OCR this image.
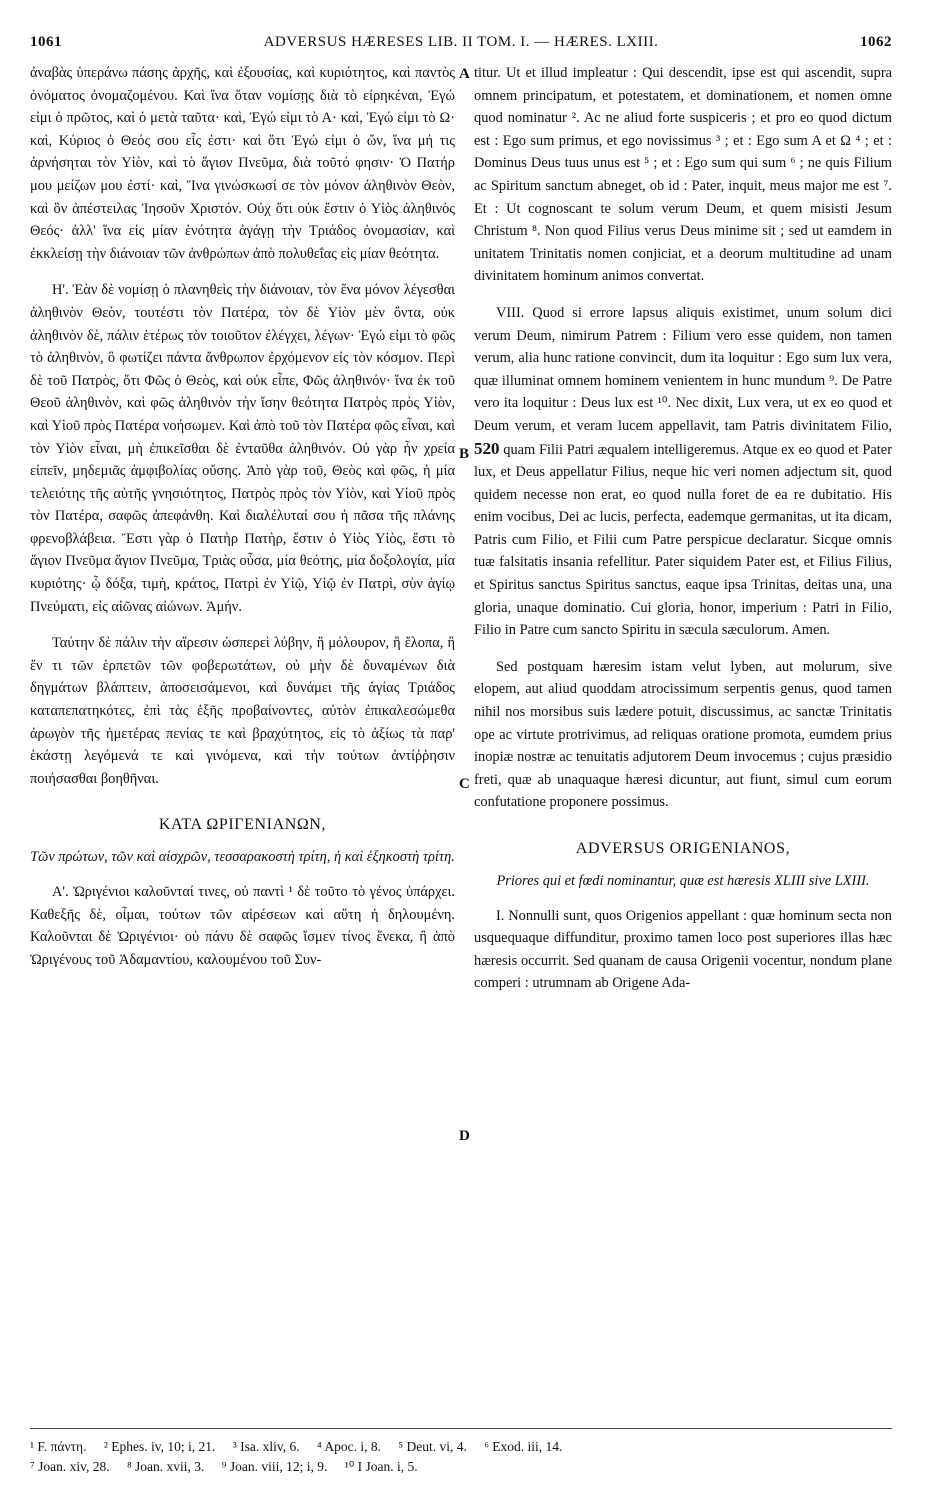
1061	ADVERSUS HÆRESES LIB. II TOM. I. — HÆRES. LXIII.	1062

ἀναβὰς ὑπεράνω πάσης ἀρχῆς, καὶ ἐξουσίας, καὶ κυριότητος, καὶ παντὸς ὀνόματος ὀνομαζομένου. Καὶ ἵνα ὅταν νομίσῃς διὰ τὸ εἰρηκέναι, Ἐγώ εἰμι ὁ πρῶτος, καὶ ὁ μετὰ ταῦτα· καὶ, Ἐγώ εἰμι τὸ Α· καὶ, Ἐγώ εἰμι τὸ Ω· καὶ, Κύριος ὁ Θεός σου εἷς ἐστι· καὶ ὅτι Ἐγώ εἰμι ὁ ὤν, ἵνα μή τις ἀρνήσηται τὸν Υἱὸν, καὶ τὸ ἅγιον Πνεῦμα, διὰ τοῦτό φησιν· Ὁ Πατήρ μου μείζων μου ἐστί· καὶ, Ἵνα γινώσκωσί σε τὸν μόνον ἀληθινὸν Θεὸν, καὶ ὃν ἀπέστειλας Ἰησοῦν Χριστόν. Οὐχ ὅτι οὐκ ἔστιν ὁ Υἱὸς ἀληθινὸς Θεός· ἀλλ' ἵνα εἰς μίαν ἑνότητα ἀγάγῃ τὴν Τριάδος ὀνομασίαν, καὶ ἐκκλείσῃ τὴν διάνοιαν τῶν ἀνθρώπων ἀπὸ πολυθεΐας εἰς μίαν θεότητα.

Η'. Ἐὰν δὲ νομίσῃ ὁ πλανηθεὶς τὴν διάνοιαν, τὸν ἕνα μόνον λέγεσθαι ἀληθινὸν Θεὸν, τουτέστι τὸν Πατέρα, τὸν δὲ Υἱὸν μὲν ὄντα, οὐκ ἀληθινὸν δὲ, πάλιν ἑτέρως τὸν τοιοῦτον ἐλέγχει, λέγων· Ἐγώ εἰμι τὸ φῶς τὸ ἀληθινὸν, ὃ φωτίζει πάντα ἄνθρωπον ἐρχόμενον εἰς τὸν κόσμον. Περὶ δὲ τοῦ Πατρὸς, ὅτι Φῶς ὁ Θεὸς, καὶ οὐκ εἶπε, Φῶς ἀληθινόν· ἵνα ἐκ τοῦ Θεοῦ ἀληθινὸν, καὶ φῶς ἀληθινὸν τὴν ἴσην θεότητα Πατρὸς πρὸς Υἱὸν, καὶ Υἱοῦ πρὸς Πατέρα νοήσωμεν. Καὶ ἀπὸ τοῦ τὸν Πατέρα φῶς εἶναι, καὶ τὸν Υἱὸν εἶναι, μὴ ἐπικεῖσθαι δὲ ἐνταῦθα ἀληθινόν. Οὐ γὰρ ἦν χρεία εἰπεῖν, μηδεμιᾶς ἀμφιβολίας οὔσης. Ἀπὸ γὰρ τοῦ, Θεὸς καὶ φῶς, ἡ μία τελειότης τῆς αὐτῆς γνησιότητος, Πατρὸς πρὸς τὸν Υἱὸν, καὶ Υἱοῦ πρὸς τὸν Πατέρα, σαφῶς ἀπεφάνθη. Καὶ διαλέλυταί σου ἡ πᾶσα τῆς πλάνης φρενοβλάβεια. Ἔστι γὰρ ὁ Πατὴρ Πατὴρ, ἔστιν ὁ Υἱὸς Υἱὸς, ἔστι τὸ ἅγιον Πνεῦμα ἅγιον Πνεῦμα, Τριὰς οὖσα, μία θεότης, μία δοξολογία, μία κυριότης· ᾧ δόξα, τιμὴ, κράτος, Πατρὶ ἐν Υἱῷ, Υἱῷ ἐν Πατρὶ, σὺν ἁγίῳ Πνεύματι, εἰς αἰῶνας αἰώνων. Ἀμήν.

Ταύτην δὲ πάλιν τὴν αἵρεσιν ὡσπερεὶ λύβην, ἢ μόλουρον, ἢ ἔλοπα, ἢ ἕν τι τῶν ἑρπετῶν τῶν φοβερωτάτων, οὐ μὴν δὲ δυναμένων διὰ δηγμάτων βλάπτειν, ἀποσεισάμενοι, καὶ δυνάμει τῆς ἁγίας Τριάδος καταπεπατηκότες, ἐπὶ τὰς ἑξῆς προβαίνοντες, αὐτὸν ἐπικαλεσώμεθα ἀρωγὸν τῆς ἡμετέρας πενίας τε καὶ βραχύτητος, εἰς τὸ ἀξίως τὰ παρ' ἑκάστῃ λεγόμενά τε καὶ γινόμενα, καὶ τὴν τούτων ἀντίῤῥησιν ποιήσασθαι βοηθῆναι.

ΚΑΤΑ ΩΡΙΓΕΝΙΑΝΩΝ,
Τῶν πρώτων, τῶν καὶ αἰσχρῶν, τεσσαρακοστὴ τρίτη, ἡ καὶ ἑξηκοστὴ τρίτη.

Α'. Ὠριγένιοι καλοῦνταί τινες, οὐ παντὶ ¹ δὲ τοῦτο τὸ γένος ὑπάρχει. Καθεξῆς δὲ, οἶμαι, τούτων τῶν αἱρέσεων καὶ αὕτη ἡ δηλουμένη. Καλοῦνται δὲ Ὠριγένιοι· οὐ πάνυ δὲ σαφῶς ἴσμεν τίνος ἕνεκα, ἢ ἀπὸ Ὠριγένους τοῦ Ἀδαμαντίου, καλουμένου τοῦ Συν-

A
B
C
D

titur. Ut et illud impleatur : Qui descendit, ipse est qui ascendit, supra omnem principatum, et potestatem, et dominationem, et nomen omne quod nominatur ². Ac ne aliud forte suspiceris ; et pro eo quod dictum est : Ego sum primus, et ego novissimus ³ ; et : Ego sum A et Ω ⁴ ; et : Dominus Deus tuus unus est ⁵ ; et : Ego sum qui sum ⁶ ; ne quis Filium ac Spiritum sanctum abneget, ob id : Pater, inquit, meus major me est ⁷. Et : Ut cognoscant te solum verum Deum, et quem misisti Jesum Christum ⁸. Non quod Filius verus Deus minime sit ; sed ut eamdem in unitatem Trinitatis nomen conjiciat, et a deorum multitudine ad unam divinitatem hominum animos convertat.

VIII. Quod si errore lapsus aliquis existimet, unum solum dici verum Deum, nimirum Patrem : Filium vero esse quidem, non tamen verum, alia hunc ratione convincit, dum ita loquitur : Ego sum lux vera, quæ illuminat omnem hominem venientem in hunc mundum ⁹. De Patre vero ita loquitur : Deus lux est ¹⁰. Nec dixit, Lux vera, ut ex eo quod et Deum verum, et veram lucem appellavit, tam Patris divinitatem Filio, 520 quam Filii Patri æqualem intelligeremus. Atque ex eo quod et Pater lux, et Deus appellatur Filius, neque hic veri nomen adjectum sit, quod quidem necesse non erat, eo quod nulla foret de ea re dubitatio. His enim vocibus, Dei ac lucis, perfecta, eademque germanitas, ut ita dicam, Patris cum Filio, et Filii cum Patre perspicue declaratur. Sicque omnis tuæ falsitatis insania refellitur. Pater siquidem Pater est, et Filius Filius, et Spiritus sanctus Spiritus sanctus, eaque ipsa Trinitas, deitas una, una gloria, unaque dominatio. Cui gloria, honor, imperium : Patri in Filio, Filio in Patre cum sancto Spiritu in sæcula sæculorum. Amen.

Sed postquam hæresim istam velut lyben, aut molurum, sive elopem, aut aliud quoddam atrocissimum serpentis genus, quod tamen nihil nos morsibus suis lædere potuit, discussimus, ac sanctæ Trinitatis ope ac virtute protrivimus, ad reliquas oratione promota, eumdem prius inopiæ nostræ ac tenuitatis adjutorem Deum invocemus ; cujus præsidio freti, quæ ab unaquaque hæresi dicuntur, aut fiunt, simul cum eorum confutatione proponere possimus.

ADVERSUS ORIGENIANOS,
Priores qui et fœdi nominantur, quæ est hæresis XLIII sive LXIII.

I. Nonnulli sunt, quos Origenios appellant : quæ hominum secta non usquequaque diffunditur, proximo tamen loco post superiores illas hæc hæresis occurrit. Sed quanam de causa Origenii vocentur, nondum plane comperi : utrumnam ab Origene Ada-

¹ F. πάντη. ² Ephes. iv, 10; i, 21. ³ Isa. xliv, 6. ⁴ Apoc. i, 8. ⁵ Deut. vi, 4. ⁶ Exod. iii, 14.
⁷ Joan. xiv, 28. ⁸ Joan. xvii, 3. ⁹ Joan. viii, 12; i, 9. ¹⁰ I Joan. i, 5.
